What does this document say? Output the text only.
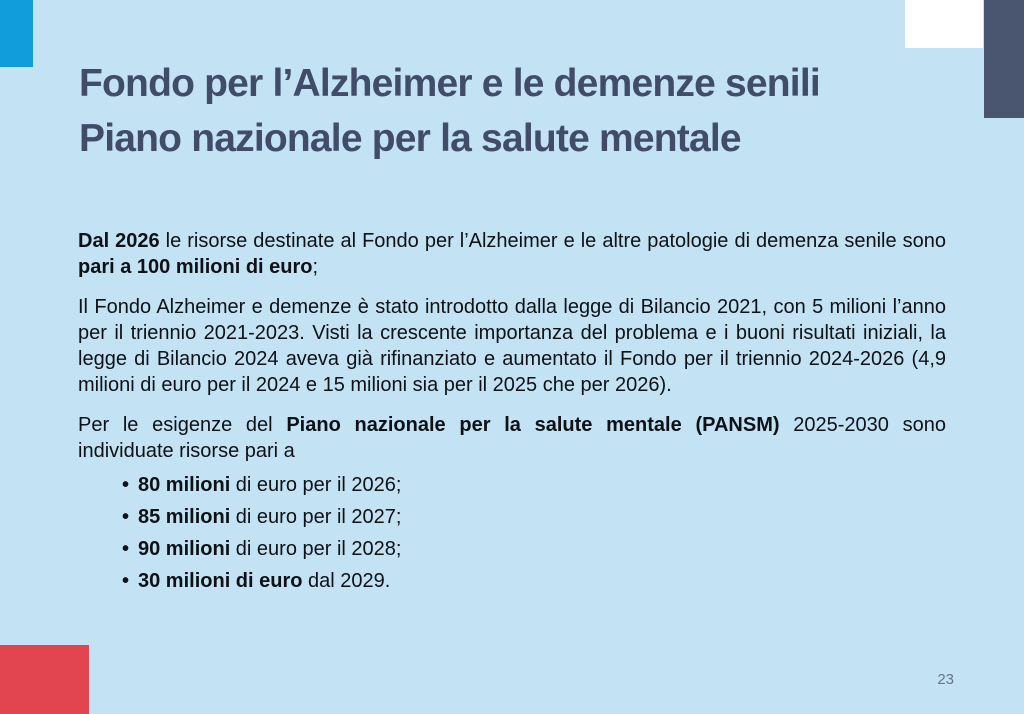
Fondo per l’Alzheimer e le demenze senili
Piano nazionale per la salute mentale

Dal 2026 le risorse destinate al Fondo per l’Alzheimer e le altre patologie di demenza senile sono pari a 100 milioni di euro;

Il Fondo Alzheimer e demenze è stato introdotto dalla legge di Bilancio 2021, con 5 milioni l’anno per il triennio 2021-2023. Visti la crescente importanza del problema e i buoni risultati iniziali, la legge di Bilancio 2024 aveva già rifinanziato e aumentato il Fondo per il triennio 2024-2026 (4,9 milioni di euro per il 2024 e 15 milioni sia per il 2025 che per 2026).

Per le esigenze del Piano nazionale per la salute mentale (PANSM) 2025-2030 sono individuate risorse pari a

• 80 milioni di euro per il 2026;
• 85 milioni di euro per il 2027;
• 90 milioni di euro per il 2028;
• 30 milioni di euro dal 2029.
23
